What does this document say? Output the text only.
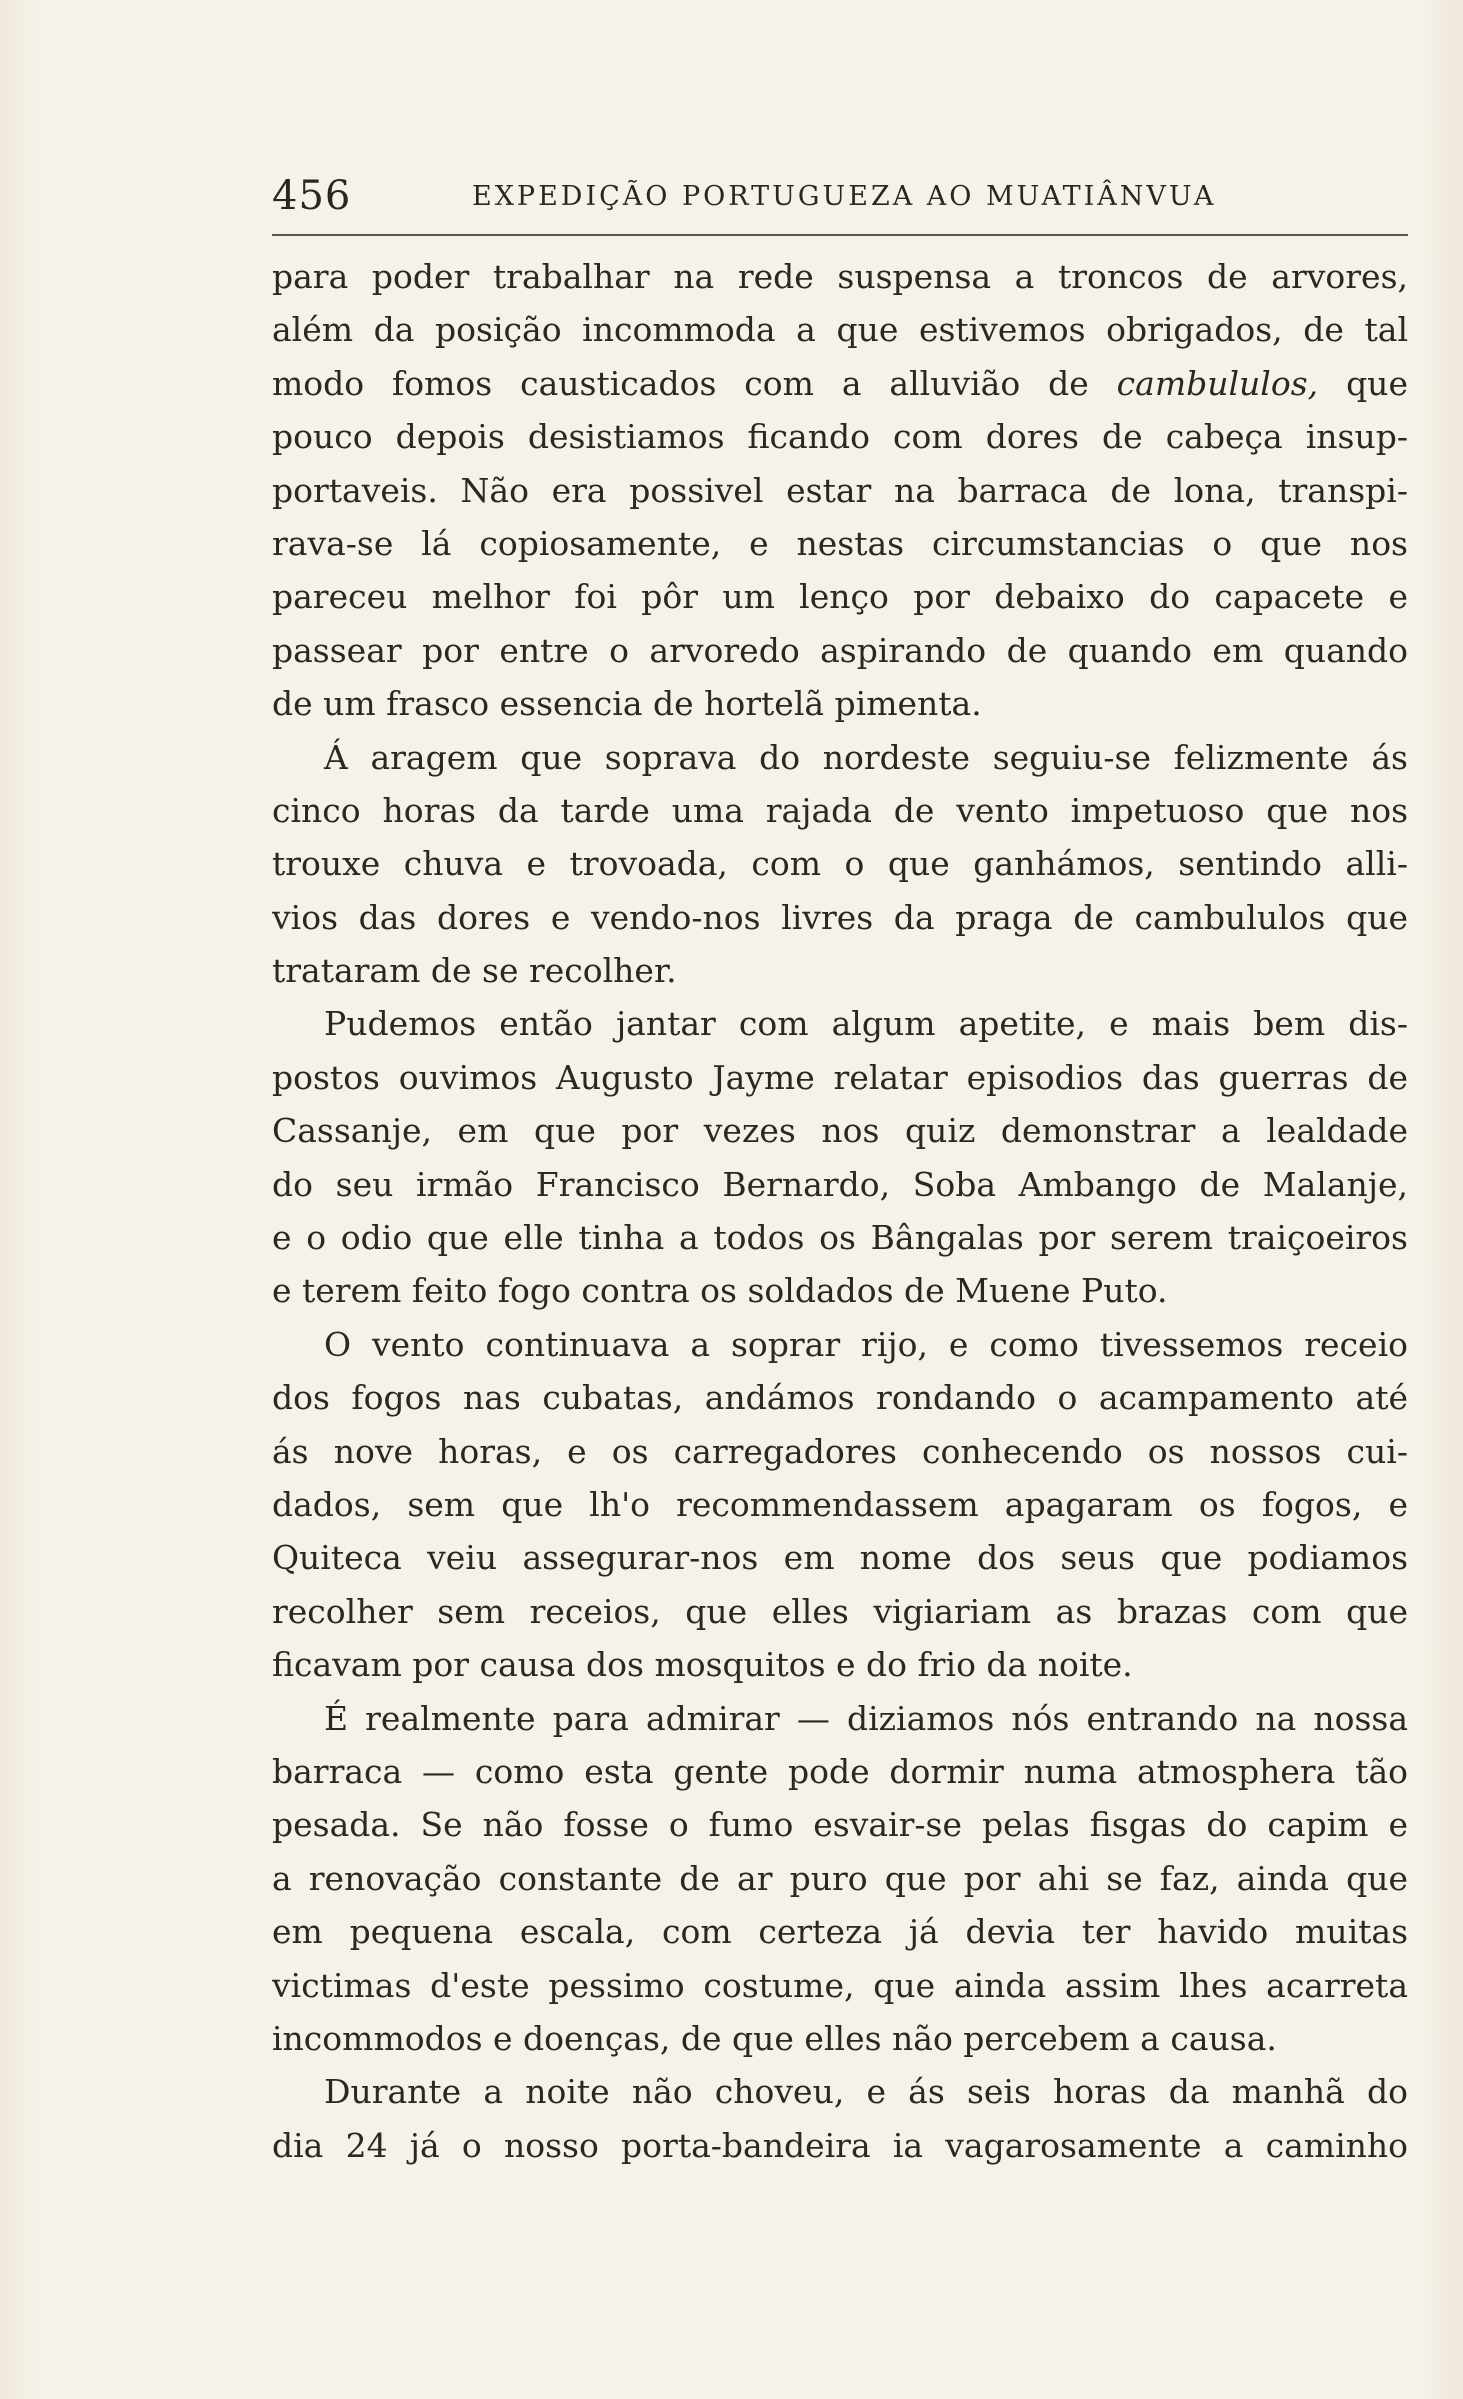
456	EXPEDIÇÃO PORTUGUEZA AO MUATIÂNVUA
para poder trabalhar na rede suspensa a troncos de arvores,
além da posição incommoda a que estivemos obrigados, de tal
modo fomos causticados com a alluvião de cambululos, que
pouco depois desistiamos ficando com dores de cabeça insup-
portaveis. Não era possivel estar na barraca de lona, transpi-
rava-se lá copiosamente, e nestas circumstancias o que nos
pareceu melhor foi pôr um lenço por debaixo do capacete e
passear por entre o arvoredo aspirando de quando em quando
de um frasco essencia de hortelã pimenta.
Á aragem que soprava do nordeste seguiu-se felizmente ás
cinco horas da tarde uma rajada de vento impetuoso que nos
trouxe chuva e trovoada, com o que ganhámos, sentindo alli-
vios das dores e vendo-nos livres da praga de cambululos que
trataram de se recolher.
Pudemos então jantar com algum apetite, e mais bem dis-
postos ouvimos Augusto Jayme relatar episodios das guerras de
Cassanje, em que por vezes nos quiz demonstrar a lealdade
do seu irmão Francisco Bernardo, Soba Ambango de Malanje,
e o odio que elle tinha a todos os Bângalas por serem traiçoeiros
e terem feito fogo contra os soldados de Muene Puto.
O vento continuava a soprar rijo, e como tivessemos receio
dos fogos nas cubatas, andámos rondando o acampamento até
ás nove horas, e os carregadores conhecendo os nossos cui-
dados, sem que lh'o recommendassem apagaram os fogos, e
Quiteca veiu assegurar-nos em nome dos seus que podiamos
recolher sem receios, que elles vigiariam as brazas com que
ficavam por causa dos mosquitos e do frio da noite.
É realmente para admirar — diziamos nós entrando na nossa
barraca — como esta gente pode dormir numa atmosphera tão
pesada. Se não fosse o fumo esvair-se pelas fisgas do capim e
a renovação constante de ar puro que por ahi se faz, ainda que
em pequena escala, com certeza já devia ter havido muitas
victimas d'este pessimo costume, que ainda assim lhes acarreta
incommodos e doenças, de que elles não percebem a causa.
Durante a noite não choveu, e ás seis horas da manhã do
dia 24 já o nosso porta-bandeira ia vagarosamente a caminho
